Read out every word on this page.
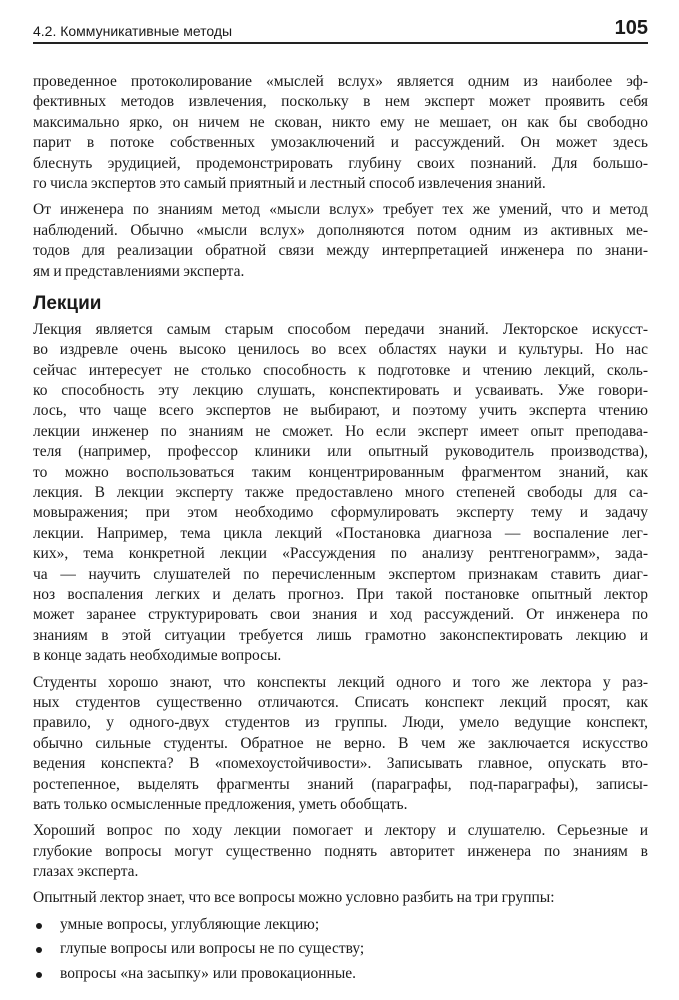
4.2. Коммуникативные методы	105
проведенное протоколирование «мыслей вслух» является одним из наиболее эф-
фективных методов извлечения, поскольку в нем эксперт может проявить себя
максимально ярко, он ничем не скован, никто ему не мешает, он как бы свободно
парит в потоке собственных умозаключений и рассуждений. Он может здесь
блеснуть эрудицией, продемонстрировать глубину своих познаний. Для большо-
го числа экспертов это самый приятный и лестный способ извлечения знаний.
От инженера по знаниям метод «мысли вслух» требует тех же умений, что и метод
наблюдений. Обычно «мысли вслух» дополняются потом одним из активных ме-
тодов для реализации обратной связи между интерпретацией инженера по знани-
ям и представлениями эксперта.
Лекции
Лекция является самым старым способом передачи знаний. Лекторское искусст-
во издревле очень высоко ценилось во всех областях науки и культуры. Но нас
сейчас интересует не столько способность к подготовке и чтению лекций, сколь-
ко способность эту лекцию слушать, конспектировать и усваивать. Уже говори-
лось, что чаще всего экспертов не выбирают, и поэтому учить эксперта чтению
лекции инженер по знаниям не сможет. Но если эксперт имеет опыт преподава-
теля (например, профессор клиники или опытный руководитель производства),
то можно воспользоваться таким концентрированным фрагментом знаний, как
лекция. В лекции эксперту также предоставлено много степеней свободы для са-
мовыражения; при этом необходимо сформулировать эксперту тему и задачу
лекции. Например, тема цикла лекций «Постановка диагноза — воспаление лег-
ких», тема конкретной лекции «Рассуждения по анализу рентгенограмм», зада-
ча — научить слушателей по перечисленным экспертом признакам ставить диаг-
ноз воспаления легких и делать прогноз. При такой постановке опытный лектор
может заранее структурировать свои знания и ход рассуждений. От инженера по
знаниям в этой ситуации требуется лишь грамотно законспектировать лекцию и
в конце задать необходимые вопросы.
Студенты хорошо знают, что конспекты лекций одного и того же лектора у раз-
ных студентов существенно отличаются. Списать конспект лекций просят, как
правило, у одного-двух студентов из группы. Люди, умело ведущие конспект,
обычно сильные студенты. Обратное не верно. В чем же заключается искусство
ведения конспекта? В «помехоустойчивости». Записывать главное, опускать вто-
ростепенное, выделять фрагменты знаний (параграфы, под-параграфы), записы-
вать только осмысленные предложения, уметь обобщать.
Хороший вопрос по ходу лекции помогает и лектору и слушателю. Серьезные и
глубокие вопросы могут существенно поднять авторитет инженера по знаниям в
глазах эксперта.
Опытный лектор знает, что все вопросы можно условно разбить на три группы:
умные вопросы, углубляющие лекцию;
глупые вопросы или вопросы не по существу;
вопросы «на засыпку» или провокационные.
